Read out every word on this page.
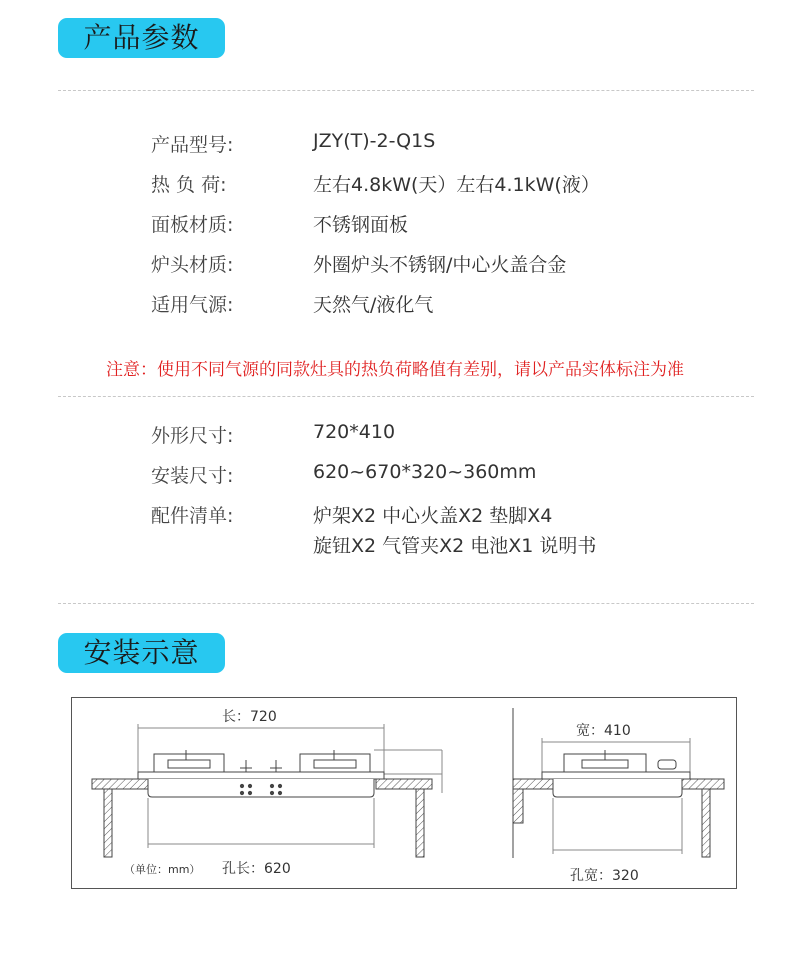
产品参数
产品型号:	JZY(T)-2-Q1S
热 负 荷:	左右4.8kW(天）左右4.1kW(液）
面板材质:	不锈钢面板
炉头材质:	外圈炉头不锈钢/中心火盖合金
适用气源:	天然气/液化气
注意：使用不同气源的同款灶具的热负荷略值有差别，请以产品实体标注为准
外形尺寸:	720*410
安装尺寸:	620~670*320~360mm
配件清单:	炉架X2 中心火盖X2 垫脚X4
旋钮X2 气管夹X2 电池X1 说明书
安装示意
长：720
孔长：620
（单位：mm）
宽：410
孔宽：320
